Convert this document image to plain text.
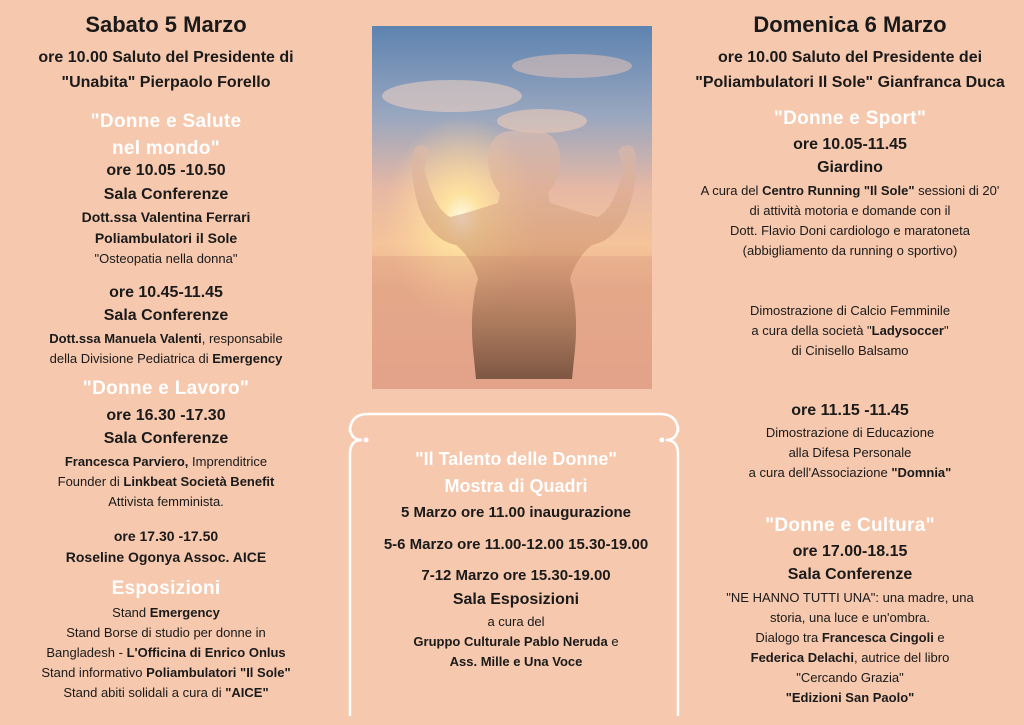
Sabato 5 Marzo
ore 10.00 Saluto del Presidente di
"Unabita" Pierpaolo Forello
"Donne e Salute
nel mondo"
ore 10.05 -10.50
Sala Conferenze
Dott.ssa Valentina Ferrari
Poliambulatori il Sole
"Osteopatia nella donna"
ore 10.45-11.45
Sala Conferenze
Dott.ssa Manuela Valenti, responsabile
della Divisione Pediatrica di Emergency
"Donne e Lavoro"
ore 16.30 -17.30
Sala Conferenze
Francesca Parviero, Imprenditrice
Founder di Linkbeat Società Benefit
Attivista femminista.
ore 17.30 -17.50
Roseline Ogonya Assoc. AICE
Esposizioni
Stand Emergency
Stand Borse di studio per donne in
Bangladesh - L'Officina di Enrico Onlus
Stand informativo Poliambulatori "Il Sole"
Stand abiti solidali a cura di "AICE"
"Il Talento delle Donne"
Mostra di Quadri
5 Marzo ore 11.00 inaugurazione
5-6 Marzo ore 11.00-12.00 15.30-19.00
7-12 Marzo ore 15.30-19.00
Sala Esposizioni
a cura del
Gruppo Culturale Pablo Neruda e
Ass. Mille e Una Voce
Domenica 6 Marzo
ore 10.00 Saluto del Presidente dei
"Poliambulatori Il Sole" Gianfranca Duca
"Donne e Sport"
ore 10.05-11.45
Giardino
A cura del Centro Running "Il Sole" sessioni di 20'
di attività motoria e domande con il
Dott. Flavio Doni cardiologo e maratoneta
(abbigliamento da running o sportivo)
Dimostrazione di Calcio Femminile
a cura della società "Ladysoccer"
di Cinisello Balsamo
ore 11.15 -11.45
Dimostrazione di Educazione
alla Difesa Personale
a cura dell'Associazione "Domnia"
"Donne e Cultura"
ore 17.00-18.15
Sala Conferenze
"NE HANNO TUTTI UNA": una madre, una
storia, una luce e un'ombra.
Dialogo tra Francesca Cingoli e
Federica Delachi, autrice del libro
"Cercando Grazia"
"Edizioni San Paolo"
